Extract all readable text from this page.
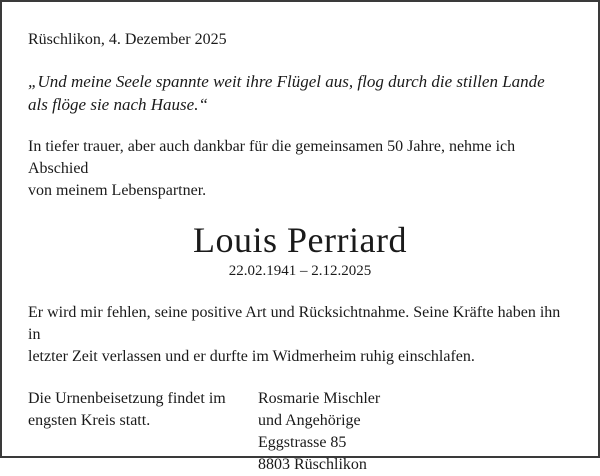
Rüschlikon, 4. Dezember 2025

„Und meine Seele spannte weit ihre Flügel aus, flog durch die stillen Lande
als flöge sie nach Hause.“

In tiefer trauer, aber auch dankbar für die gemeinsamen 50 Jahre, nehme ich Abschied
von meinem Lebenspartner.

Louis Perriard

22.02.1941 – 2.12.2025

Er wird mir fehlen, seine positive Art und Rücksichtnahme. Seine Kräfte haben ihn in
letzter Zeit verlassen und er durfte im Widmerheim ruhig einschlafen.

Die Urnenbeisetzung findet im
engsten Kreis statt.
Rosmarie Mischler
und Angehörige
Eggstrasse 85
8803 Rüschlikon
